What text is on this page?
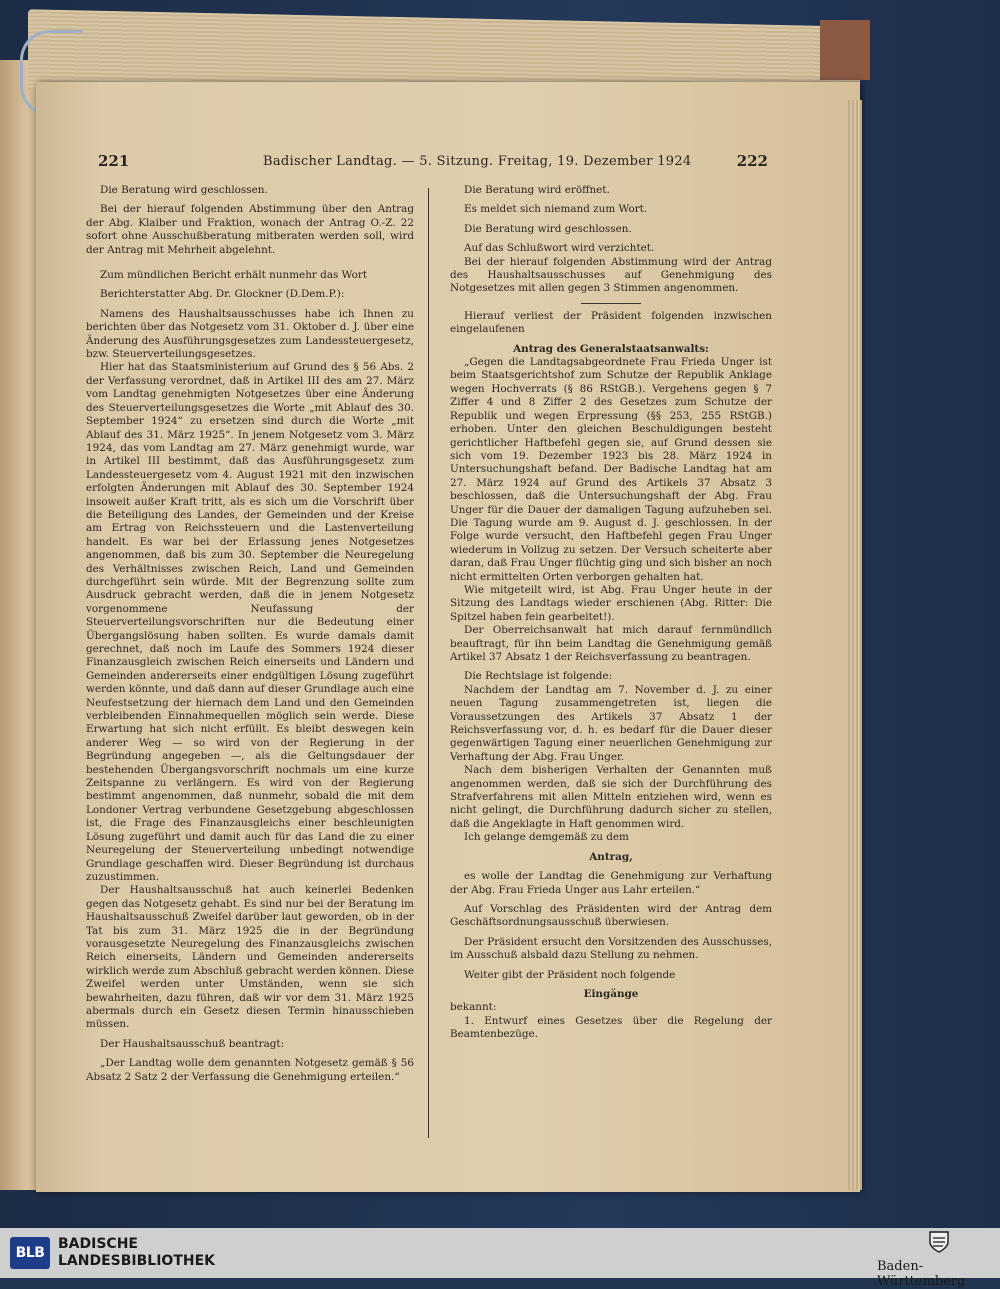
221	Badischer Landtag. — 5. Sitzung. Freitag, 19. Dezember 1924	222

Die Beratung wird geschlossen.

Bei der hierauf folgenden Abstimmung über den Antrag der Abg. Klaiber und Fraktion, wonach der Antrag O.-Z. 22 sofort ohne Ausschußberatung mitberaten werden soll, wird der Antrag mit Mehrheit abgelehnt.

Zum mündlichen Bericht erhält nunmehr das Wort

Berichterstatter Abg. Dr. Glockner (D.Dem.P.):

Namens des Haushaltsausschusses habe ich Ihnen zu berichten über das Notgesetz vom 31. Oktober d. J. über eine Änderung des Ausführungsgesetzes zum Landessteuergesetz, bzw. Steuerverteilungsgesetzes.

Hier hat das Staatsministerium auf Grund des § 56 Abs. 2 der Verfassung verordnet, daß in Artikel III des am 27. März vom Landtag genehmigten Notgesetzes über eine Änderung des Steuerverteilungsgesetzes die Worte „mit Ablauf des 30. September 1924“ zu ersetzen sind durch die Worte „mit Ablauf des 31. März 1925“. In jenem Notgesetz vom 3. März 1924, das vom Landtag am 27. März genehmigt wurde, war in Artikel III bestimmt, daß das Ausführungsgesetz zum Landessteuergesetz vom 4. August 1921 mit den inzwischen erfolgten Änderungen mit Ablauf des 30. September 1924 insoweit außer Kraft tritt, als es sich um die Vorschrift über die Beteiligung des Landes, der Gemeinden und der Kreise am Ertrag von Reichssteuern und die Lastenverteilung handelt. Es war bei der Erlassung jenes Notgesetzes angenommen, daß bis zum 30. September die Neuregelung des Verhältnisses zwischen Reich, Land und Gemeinden durchgeführt sein würde. Mit der Begrenzung sollte zum Ausdruck gebracht werden, daß die in jenem Notgesetz vorgenommene Neufassung der Steuerverteilungsvorschriften nur die Bedeutung einer Übergangslösung haben sollten. Es wurde damals damit gerechnet, daß noch im Laufe des Sommers 1924 dieser Finanzausgleich zwischen Reich einerseits und Ländern und Gemeinden andererseits einer endgültigen Lösung zugeführt werden könnte, und daß dann auf dieser Grundlage auch eine Neufestsetzung der hiernach dem Land und den Gemeinden verbleibenden Einnahmequellen möglich sein werde. Diese Erwartung hat sich nicht erfüllt. Es bleibt deswegen kein anderer Weg — so wird von der Regierung in der Begründung angegeben —, als die Geltungsdauer der bestehenden Übergangsvorschrift nochmals um eine kurze Zeitspanne zu verlängern. Es wird von der Regierung bestimmt angenommen, daß nunmehr, sobald die mit dem Londoner Vertrag verbundene Gesetzgebung abgeschlossen ist, die Frage des Finanzausgleichs einer beschleunigten Lösung zugeführt und damit auch für das Land die zu einer Neuregelung der Steuerverteilung unbedingt notwendige Grundlage geschaffen wird. Dieser Begründung ist durchaus zuzustimmen.

Der Haushaltsausschuß hat auch keinerlei Bedenken gegen das Notgesetz gehabt. Es sind nur bei der Beratung im Haushaltsausschuß Zweifel darüber laut geworden, ob in der Tat bis zum 31. März 1925 die in der Begründung vorausgesetzte Neuregelung des Finanzausgleichs zwischen Reich einerseits, Ländern und Gemeinden andererseits wirklich werde zum Abschluß gebracht werden können. Diese Zweifel werden unter Umständen, wenn sie sich bewahrheiten, dazu führen, daß wir vor dem 31. März 1925 abermals durch ein Gesetz diesen Termin hinausschieben müssen.

Der Haushaltsausschuß beantragt:

„Der Landtag wolle dem genannten Notgesetz gemäß § 56 Absatz 2 Satz 2 der Verfassung die Genehmigung erteilen.“

Die Beratung wird eröffnet.

Es meldet sich niemand zum Wort.

Die Beratung wird geschlossen.

Auf das Schlußwort wird verzichtet.

Bei der hierauf folgenden Abstimmung wird der Antrag des Haushaltsausschusses auf Genehmigung des Notgesetzes mit allen gegen 3 Stimmen angenommen.

Hierauf verliest der Präsident folgenden inzwischen eingelaufenen

Antrag des Generalstaatsanwalts:

„Gegen die Landtagsabgeordnete Frau Frieda Unger ist beim Staatsgerichtshof zum Schutze der Republik Anklage wegen Hochverrats (§ 86 RStGB.). Vergehens gegen § 7 Ziffer 4 und 8 Ziffer 2 des Gesetzes zum Schutze der Republik und wegen Erpressung (§§ 253, 255 RStGB.) erhoben. Unter den gleichen Beschuldigungen besteht gerichtlicher Haftbefehl gegen sie, auf Grund dessen sie sich vom 19. Dezember 1923 bis 28. März 1924 in Untersuchungshaft befand. Der Badische Landtag hat am 27. März 1924 auf Grund des Artikels 37 Absatz 3 beschlossen, daß die Untersuchungshaft der Abg. Frau Unger für die Dauer der damaligen Tagung aufzuheben sei. Die Tagung wurde am 9. August d. J. geschlossen. In der Folge wurde versucht, den Haftbefehl gegen Frau Unger wiederum in Vollzug zu setzen. Der Versuch scheiterte aber daran, daß Frau Unger flüchtig ging und sich bisher an noch nicht ermittelten Orten verborgen gehalten hat.

Wie mitgeteilt wird, ist Abg. Frau Unger heute in der Sitzung des Landtags wieder erschienen (Abg. Ritter: Die Spitzel haben fein gearbeitet!).

Der Oberreichsanwalt hat mich darauf fernmündlich beauftragt, für ihn beim Landtag die Genehmigung gemäß Artikel 37 Absatz 1 der Reichsverfassung zu beantragen.

Die Rechtslage ist folgende:

Nachdem der Landtag am 7. November d. J. zu einer neuen Tagung zusammengetreten ist, liegen die Voraussetzungen des Artikels 37 Absatz 1 der Reichsverfassung vor, d. h. es bedarf für die Dauer dieser gegenwärtigen Tagung einer neuerlichen Genehmigung zur Verhaftung der Abg. Frau Unger.

Nach dem bisherigen Verhalten der Genannten muß angenommen werden, daß sie sich der Durchführung des Strafverfahrens mit allen Mitteln entziehen wird, wenn es nicht gelingt, die Durchführung dadurch sicher zu stellen, daß die Angeklagte in Haft genommen wird.

Ich gelange demgemäß zu dem

Antrag,

es wolle der Landtag die Genehmigung zur Verhaftung der Abg. Frau Frieda Unger aus Lahr erteilen.“

Auf Vorschlag des Präsidenten wird der Antrag dem Geschäftsordnungsausschuß überwiesen.

Der Präsident ersucht den Vorsitzenden des Ausschusses, im Ausschuß alsbald dazu Stellung zu nehmen.

Weiter gibt der Präsident noch folgende

Eingänge

bekannt:

1. Entwurf eines Gesetzes über die Regelung der Beamtenbezüge.

BLB
BADISCHE
LANDESBIBLIOTHEK	Baden-Württemberg
